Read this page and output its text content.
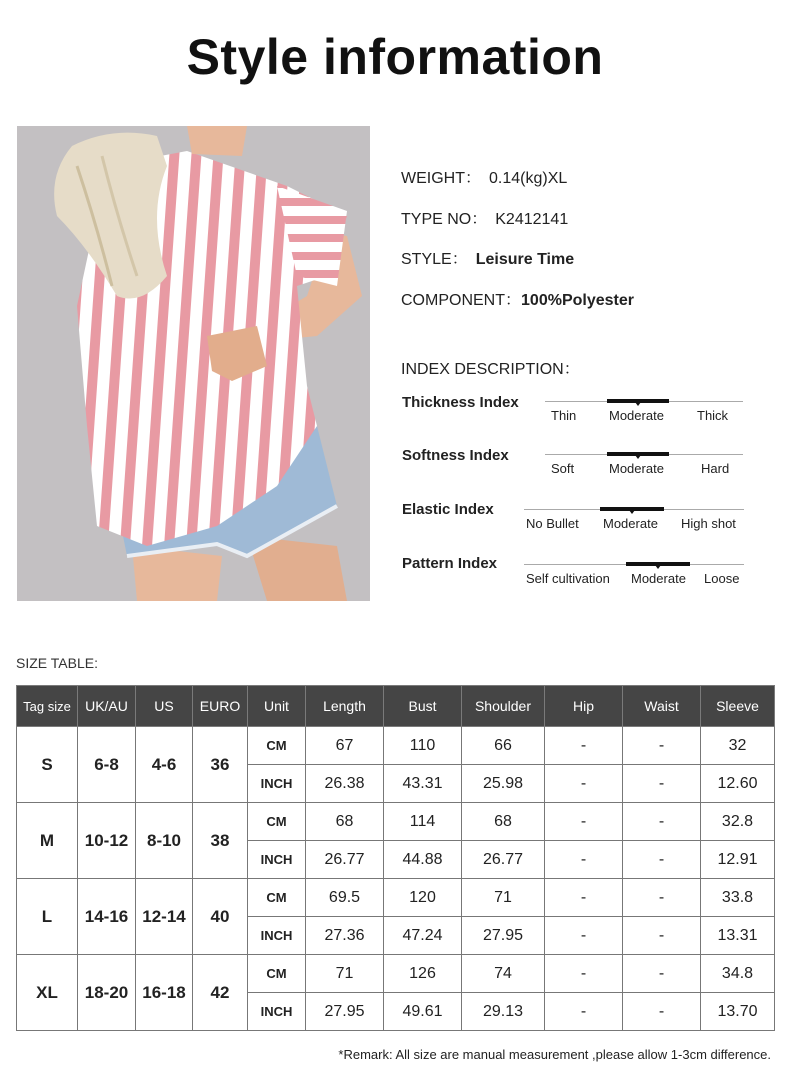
Style information
WEIGHT： 0.14(kg)XL
TYPE NO： K2412141
STYLE： Leisure Time
COMPONENT：100%Polyester
INDEX DESCRIPTION：
Thickness Index
Thin	Moderate	Thick
Softness Index
Soft	Moderate	Hard
Elastic Index
No Bullet Moderate High shot
Pattern Index
Self cultivation Moderate Loose
SIZE TABLE:
Tag size	UK/AU	US	EURO	Unit	Length	Bust	Shoulder	Hip	Waist	Sleeve
S	6-8	4-6	36	CM	67	110	66	-	-	32
				INCH	26.38	43.31	25.98	-	-	12.60
M	10-12	8-10	38	CM	68	114	68	-	-	32.8
				INCH	26.77	44.88	26.77	-	-	12.91
L	14-16	12-14	40	CM	69.5	120	71	-	-	33.8
				INCH	27.36	47.24	27.95	-	-	13.31
XL	18-20	16-18	42	CM	71	126	74	-	-	34.8
				INCH	27.95	49.61	29.13	-	-	13.70
*Remark: All size are manual measurement ,please allow 1-3cm difference.
